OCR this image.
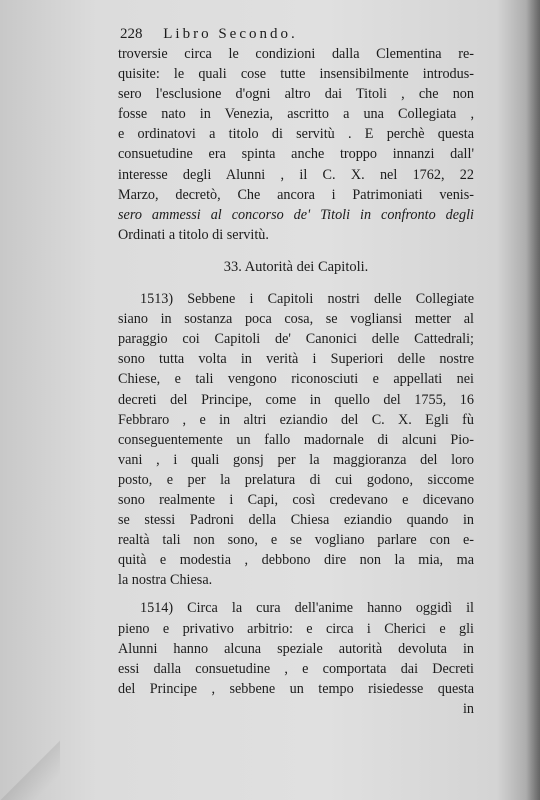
228 Libro Secondo.
troversie circa le condizioni dalla Clementina re-
quisite: le quali cose tutte insensibilmente introdus-
sero l'esclusione d'ogni altro dai Titoli , che non
fosse nato in Venezia, ascritto a una Collegiata ,
e ordinatovi a titolo di servitù . E perchè questa
consuetudine era spinta anche troppo innanzi dall'
interesse degli Alunni , il C. X. nel 1762, 22
Marzo, decretò, Che ancora i Patrimoniati venis-
sero ammessi al concorso de' Titoli in confronto degli
Ordinati a titolo di servitù.
33. Autorità dei Capitoli.
1513) Sebbene i Capitoli nostri delle Collegiate
siano in sostanza poca cosa, se vogliansi metter al
paraggio coi Capitoli de' Canonici delle Cattedrali;
sono tutta volta in verità i Superiori delle nostre
Chiese, e tali vengono riconosciuti e appellati nei
decreti del Principe, come in quello del 1755, 16
Febbraro , e in altri eziandio del C. X. Egli fù
conseguentemente un fallo madornale di alcuni Pio-
vani , i quali gonsj per la maggioranza del loro
posto, e per la prelatura di cui godono, siccome
sono realmente i Capi, così credevano e dicevano
se stessi Padroni della Chiesa eziandio quando in
realtà tali non sono, e se vogliano parlare con e-
quità e modestia , debbono dire non la mia, ma
la nostra Chiesa.
1514) Circa la cura dell'anime hanno oggidì il
pieno e privativo arbitrio: e circa i Cherici e gli
Alunni hanno alcuna speziale autorità devoluta in
essi dalla consuetudine , e comportata dai Decreti
del Principe , sebbene un tempo risiedesse questa
in
